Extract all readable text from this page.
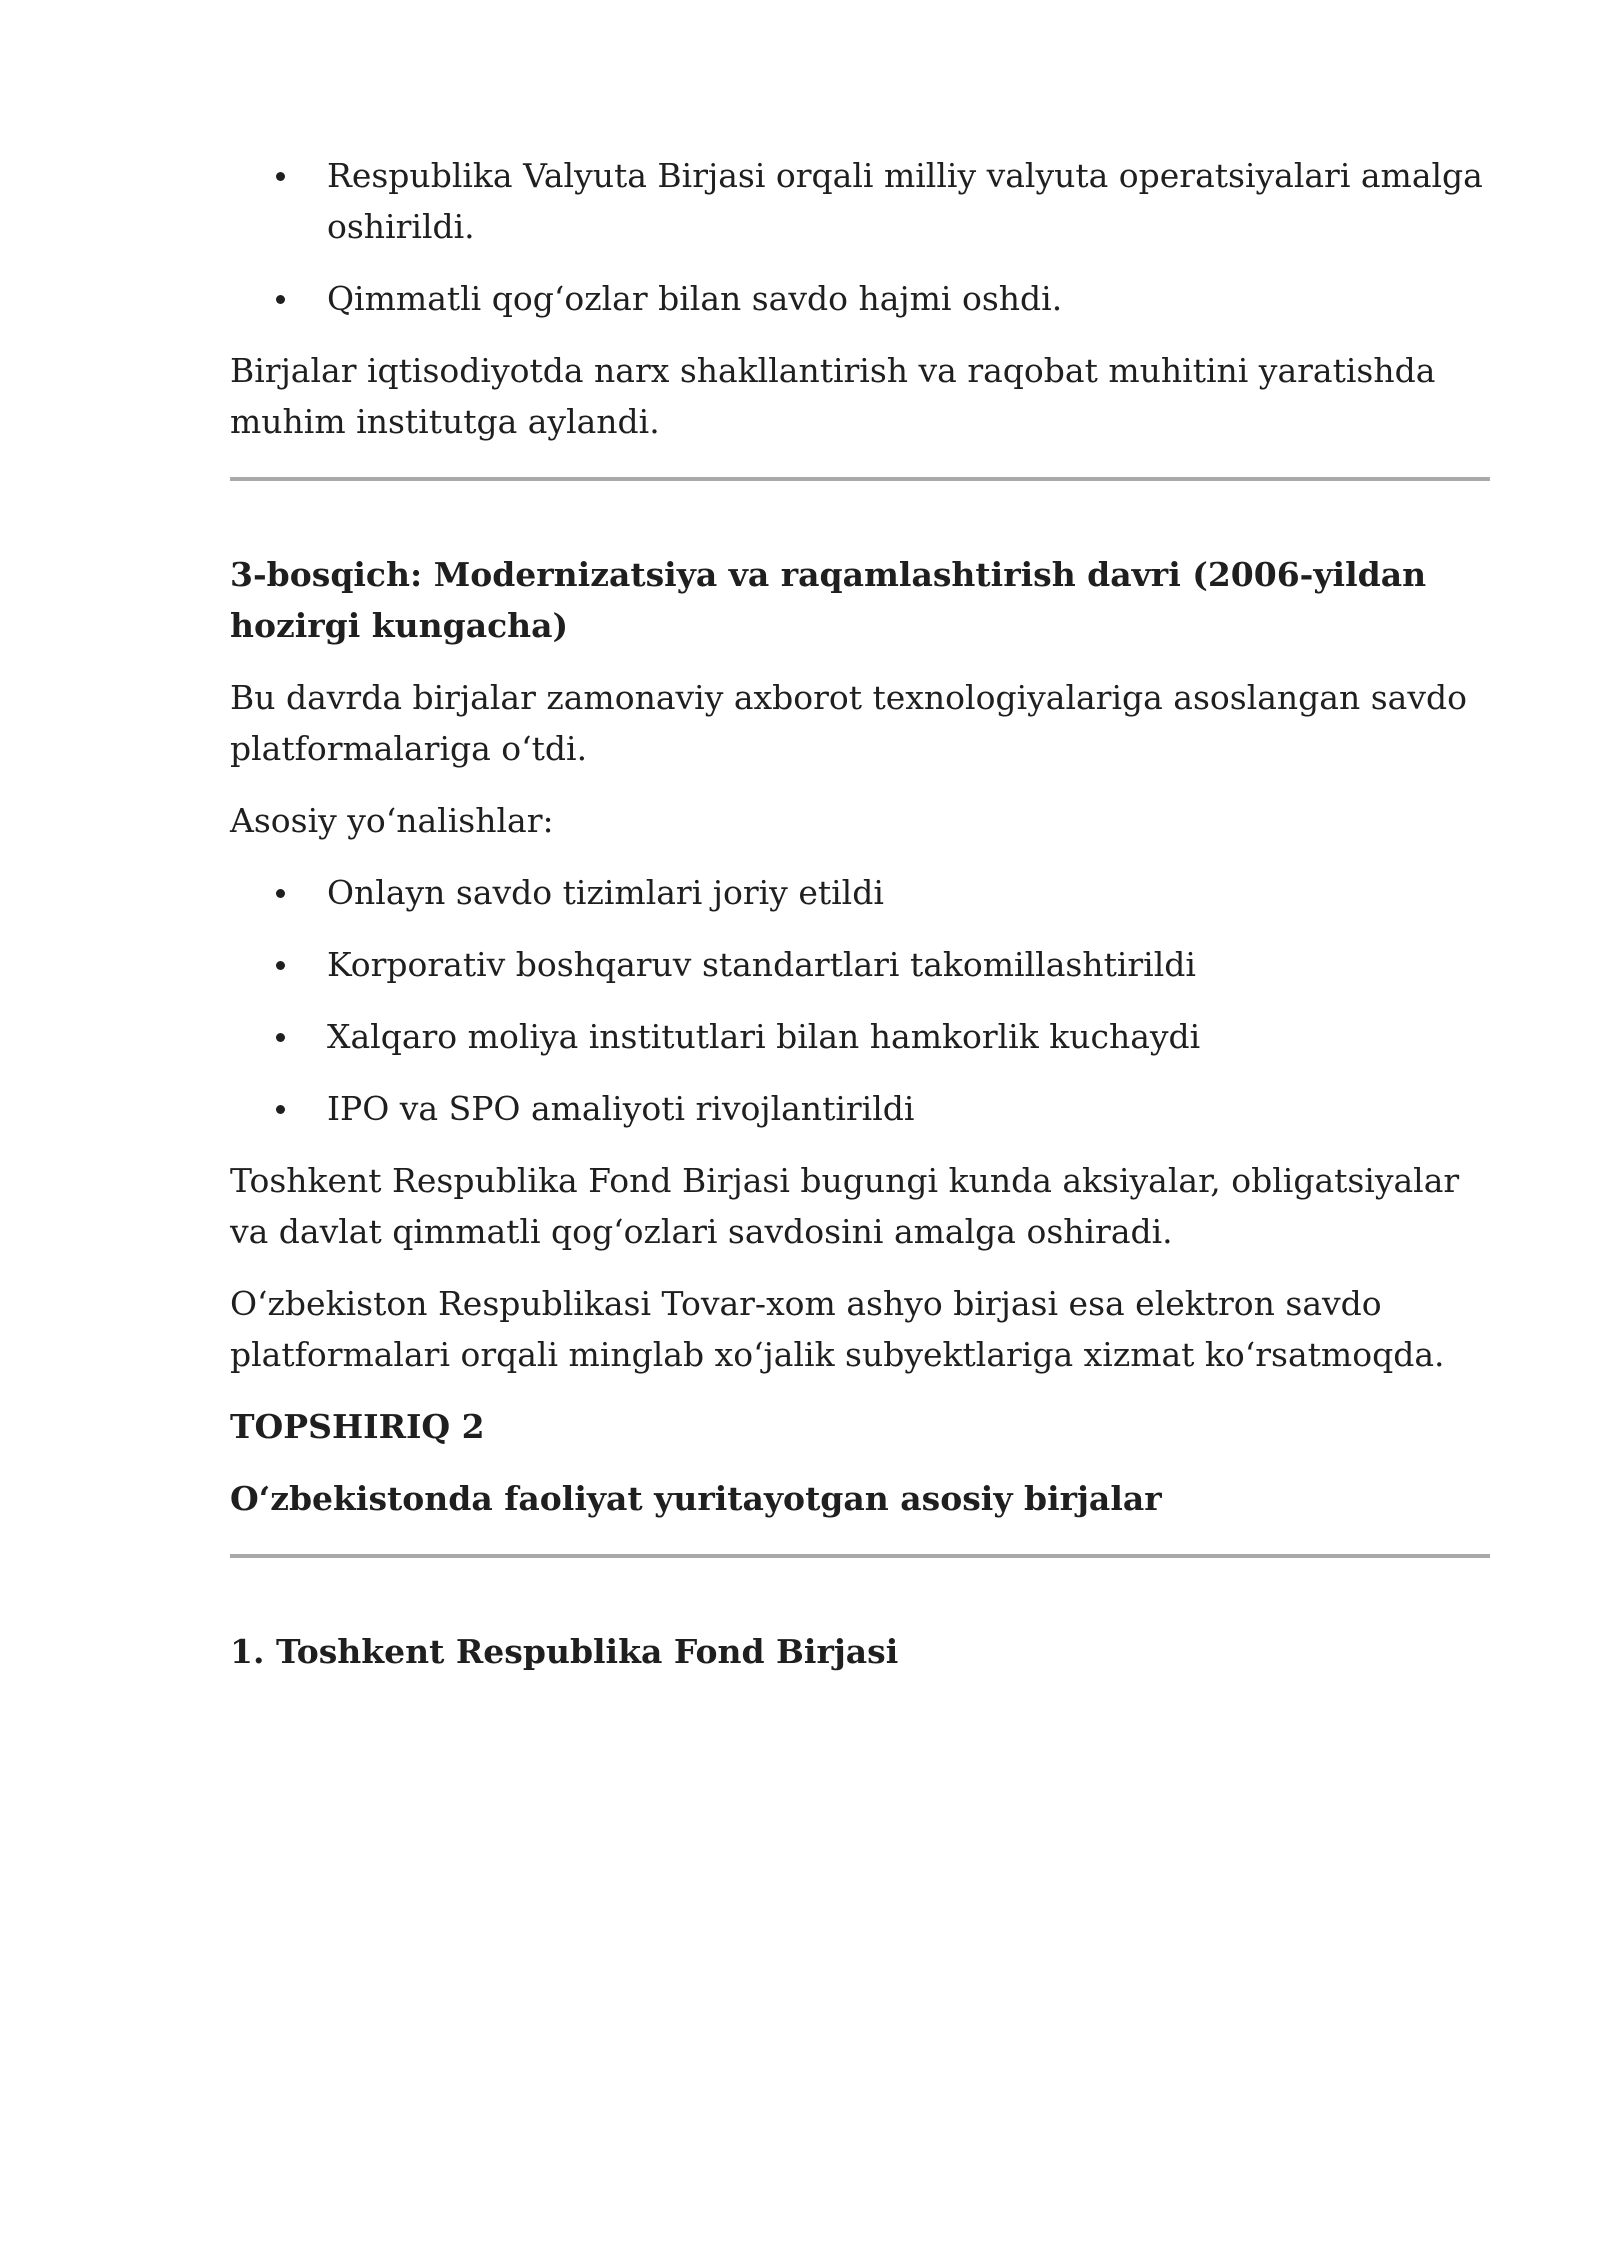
Respublika Valyuta Birjasi orqali milliy valyuta operatsiyalari amalga oshirildi.
Qimmatli qog‘ozlar bilan savdo hajmi oshdi.

Birjalar iqtisodiyotda narx shakllantirish va raqobat muhitini yaratishda muhim institutga aylandi.

3-bosqich: Modernizatsiya va raqamlashtirish davri (2006-yildan hozirgi kungacha)

Bu davrda birjalar zamonaviy axborot texnologiyalariga asoslangan savdo platformalariga o‘tdi.

Asosiy yo‘nalishlar:

Onlayn savdo tizimlari joriy etildi
Korporativ boshqaruv standartlari takomillashtirildi
Xalqaro moliya institutlari bilan hamkorlik kuchaydi
IPO va SPO amaliyoti rivojlantirildi

Toshkent Respublika Fond Birjasi bugungi kunda aksiyalar, obligatsiyalar va davlat qimmatli qog‘ozlari savdosini amalga oshiradi.

O‘zbekiston Respublikasi Tovar-xom ashyo birjasi esa elektron savdo platformalari orqali minglab xo‘jalik subyektlariga xizmat ko‘rsatmoqda.

TOPSHIRIQ 2

O‘zbekistonda faoliyat yuritayotgan asosiy birjalar

1. Toshkent Respublika Fond Birjasi
